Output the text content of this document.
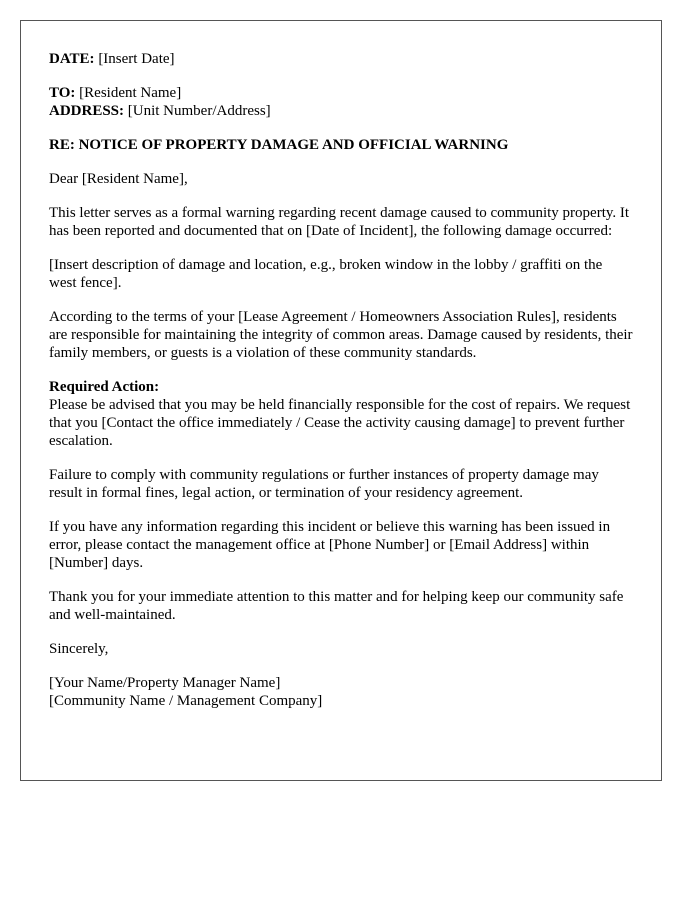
DATE: [Insert Date]
TO: [Resident Name]
ADDRESS: [Unit Number/Address]
RE: NOTICE OF PROPERTY DAMAGE AND OFFICIAL WARNING
Dear [Resident Name],
This letter serves as a formal warning regarding recent damage caused to community property. It has been reported and documented that on [Date of Incident], the following damage occurred:
[Insert description of damage and location, e.g., broken window in the lobby / graffiti on the west fence].
According to the terms of your [Lease Agreement / Homeowners Association Rules], residents are responsible for maintaining the integrity of common areas. Damage caused by residents, their family members, or guests is a violation of these community standards.
Required Action:
Please be advised that you may be held financially responsible for the cost of repairs. We request that you [Contact the office immediately / Cease the activity causing damage] to prevent further escalation.
Failure to comply with community regulations or further instances of property damage may result in formal fines, legal action, or termination of your residency agreement.
If you have any information regarding this incident or believe this warning has been issued in error, please contact the management office at [Phone Number] or [Email Address] within [Number] days.
Thank you for your immediate attention to this matter and for helping keep our community safe and well-maintained.
Sincerely,
[Your Name/Property Manager Name]
[Community Name / Management Company]
